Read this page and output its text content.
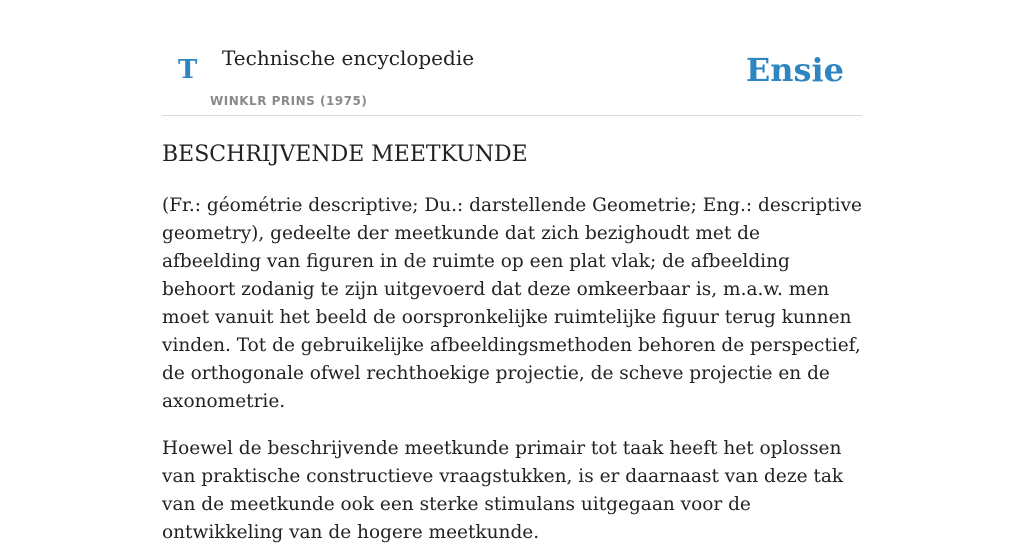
T Technische encyclopedie
WINKLR PRINS (1975)
Ensie
BESCHRIJVENDE MEETKUNDE

(Fr.: géométrie descriptive; Du.: darstellende Geometrie; Eng.: descriptive geometry), gedeelte der meetkunde dat zich bezighoudt met de afbeelding van figuren in de ruimte op een plat vlak; de afbeelding behoort zodanig te zijn uitgevoerd dat deze omkeerbaar is, m.a.w. men moet vanuit het beeld de oorspronkelijke ruimtelijke figuur terug kunnen vinden. Tot de gebruikelijke afbeeldingsmethoden behoren de perspectief, de orthogonale ofwel rechthoekige projectie, de scheve projectie en de axonometrie.

Hoewel de beschrijvende meetkunde primair tot taak heeft het oplossen van praktische constructieve vraagstukken, is er daarnaast van deze tak van de meetkunde ook een sterke stimulans uitgegaan voor de ontwikkeling van de hogere meetkunde.
